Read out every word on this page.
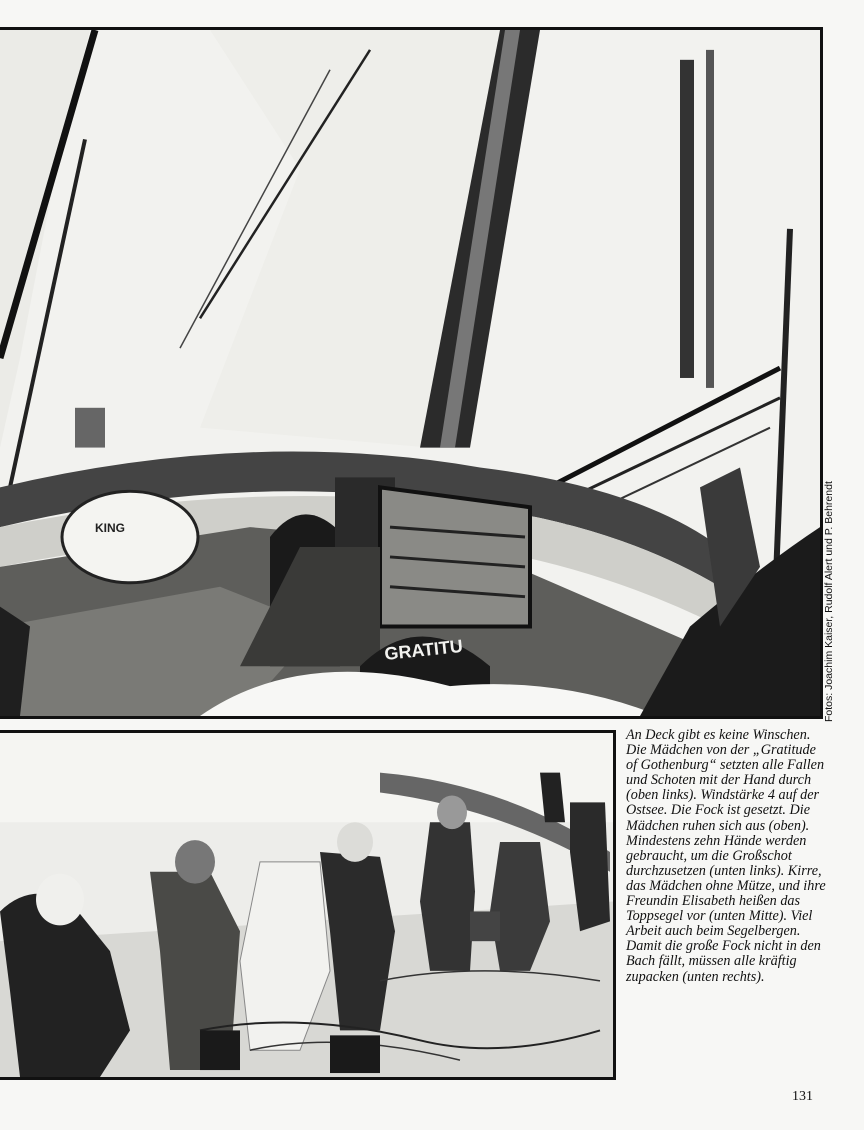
KING
GRATITU	Fotos: Joachim Kaiser, Rudolf Alert und P. Behrendt

An Deck gibt es keine Winschen. Die Mädchen von der „Gratitude of Gothenburg“ setzten alle Fallen und Schoten mit der Hand durch (oben links). Windstärke 4 auf der Ostsee. Die Fock ist gesetzt. Die Mädchen ruhen sich aus (oben). Mindestens zehn Hände werden gebraucht, um die Großschot durchzusetzen (unten links). Kirre, das Mädchen ohne Mütze, und ihre Freundin Elisabeth heißen das Toppsegel vor (unten Mitte). Viel Arbeit auch beim Segelbergen. Damit die große Fock nicht in den Bach fällt, müssen alle kräftig zupacken (unten rechts).

131
